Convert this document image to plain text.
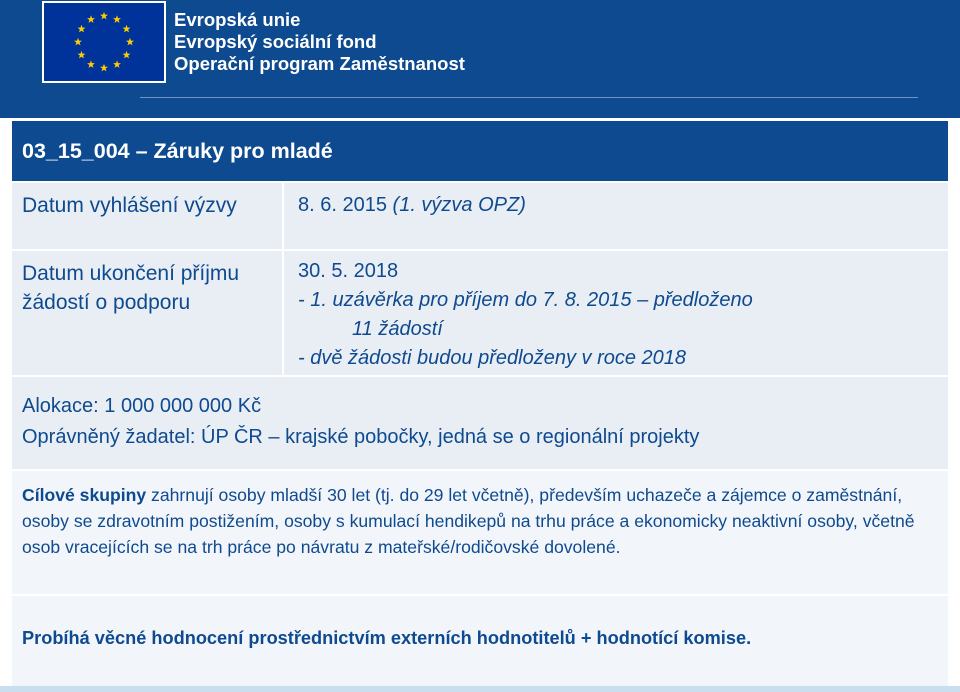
Evropská unie
Evropský sociální fond
Operační program Zaměstnanost
03_15_004 – Záruky pro mladé
Datum vyhlášení výzvy	8. 6. 2015 (1. výzva OPZ)
Datum ukončení příjmu žádostí o podporu
30. 5. 2018
- 1. uzávěrka pro příjem do 7. 8. 2015 – předloženo
11 žádostí
- dvě žádosti budou předloženy v roce 2018
Alokace: 1 000 000 000 Kč
Oprávněný žadatel: ÚP ČR – krajské pobočky, jedná se o regionální projekty
Cílové skupiny zahrnují osoby mladší 30 let (tj. do 29 let včetně), především uchazeče a zájemce o zaměstnání, osoby se zdravotním postižením, osoby s kumulací hendikepů na trhu práce a ekonomicky neaktivní osoby, včetně osob vracejících se na trh práce po návratu z mateřské/rodičovské dovolené.
Probíhá věcné hodnocení prostřednictvím externích hodnotitelů + hodnotící komise.
